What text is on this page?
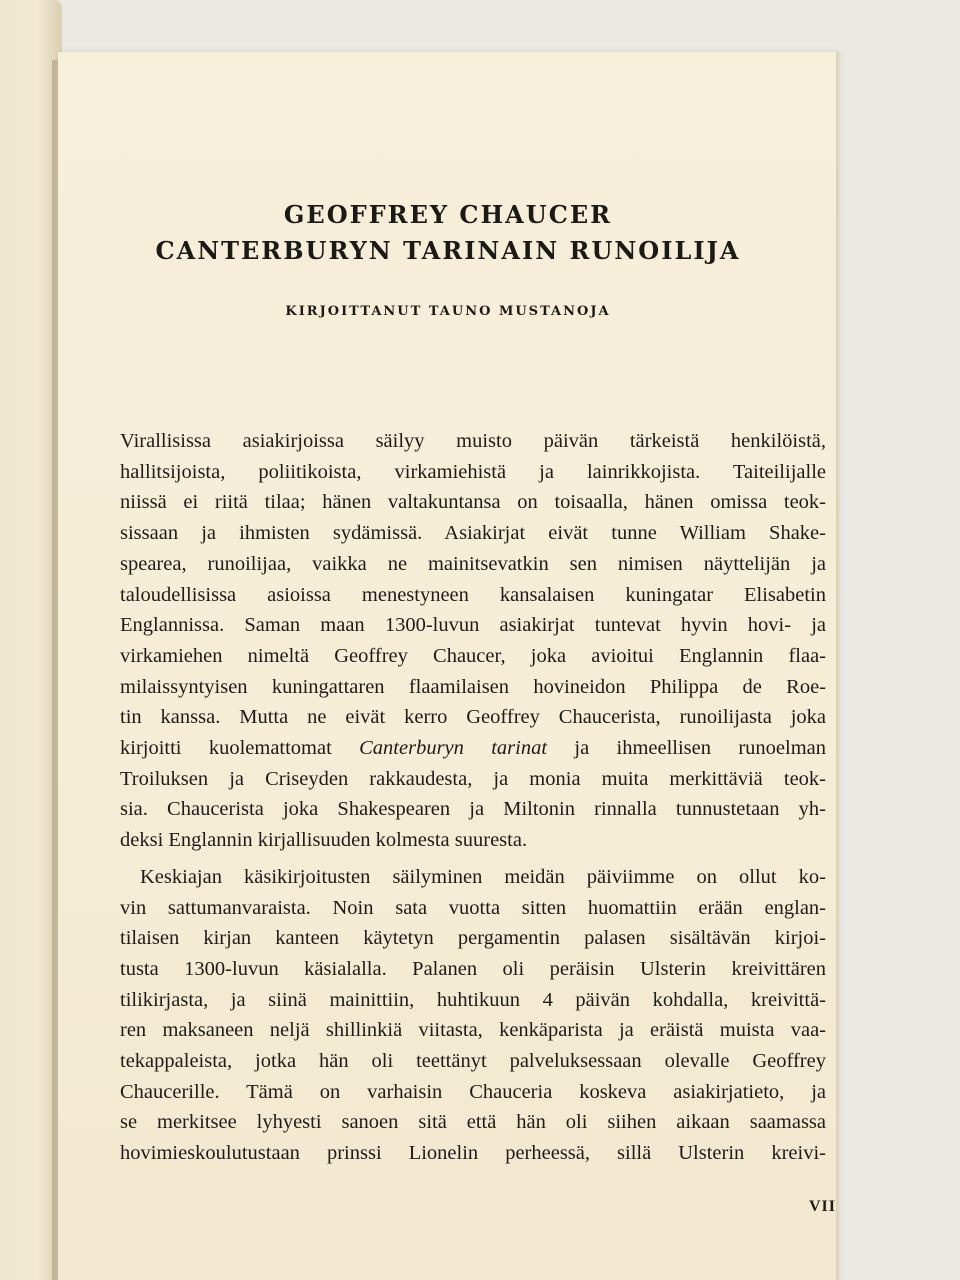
GEOFFREY CHAUCER
CANTERBURYN TARINAIN RUNOILIJA

KIRJOITTANUT TAUNO MUSTANOJA

Virallisissa asiakirjoissa säilyy muisto päivän tärkeistä henkilöistä,
hallitsijoista, poliitikoista, virkamiehistä ja lainrikkojista. Taiteilijalle
niissä ei riitä tilaa; hänen valtakuntansa on toisaalla, hänen omissa teok-
sissaan ja ihmisten sydämissä. Asiakirjat eivät tunne William Shake-
spearea, runoilijaa, vaikka ne mainitsevatkin sen nimisen näyttelijän ja
taloudellisissa asioissa menestyneen kansalaisen kuningatar Elisabetin
Englannissa. Saman maan 1300-luvun asiakirjat tuntevat hyvin hovi- ja
virkamiehen nimeltä Geoffrey Chaucer, joka avioitui Englannin flaa-
milaissyntyisen kuningattaren flaamilaisen hovineidon Philippa de Roe-
tin kanssa. Mutta ne eivät kerro Geoffrey Chaucerista, runoilijasta joka
kirjoitti kuolemattomat Canterburyn tarinat ja ihmeellisen runoelman
Troiluksen ja Criseyden rakkaudesta, ja monia muita merkittäviä teok-
sia. Chaucerista joka Shakespearen ja Miltonin rinnalla tunnustetaan yh-
deksi Englannin kirjallisuuden kolmesta suuresta.
Keskiajan käsikirjoitusten säilyminen meidän päiviimme on ollut ko-
vin sattumanvaraista. Noin sata vuotta sitten huomattiin erään englan-
tilaisen kirjan kanteen käytetyn pergamentin palasen sisältävän kirjoi-
tusta 1300-luvun käsialalla. Palanen oli peräisin Ulsterin kreivittären
tilikirjasta, ja siinä mainittiin, huhtikuun 4 päivän kohdalla, kreivittä-
ren maksaneen neljä shillinkiä viitasta, kenkäparista ja eräistä muista vaa-
tekappaleista, jotka hän oli teettänyt palveluksessaan olevalle Geoffrey
Chaucerille. Tämä on varhaisin Chauceria koskeva asiakirjatieto, ja
se merkitsee lyhyesti sanoen sitä että hän oli siihen aikaan saamassa
hovimieskoulutustaan prinssi Lionelin perheessä, sillä Ulsterin kreivi-
VII
